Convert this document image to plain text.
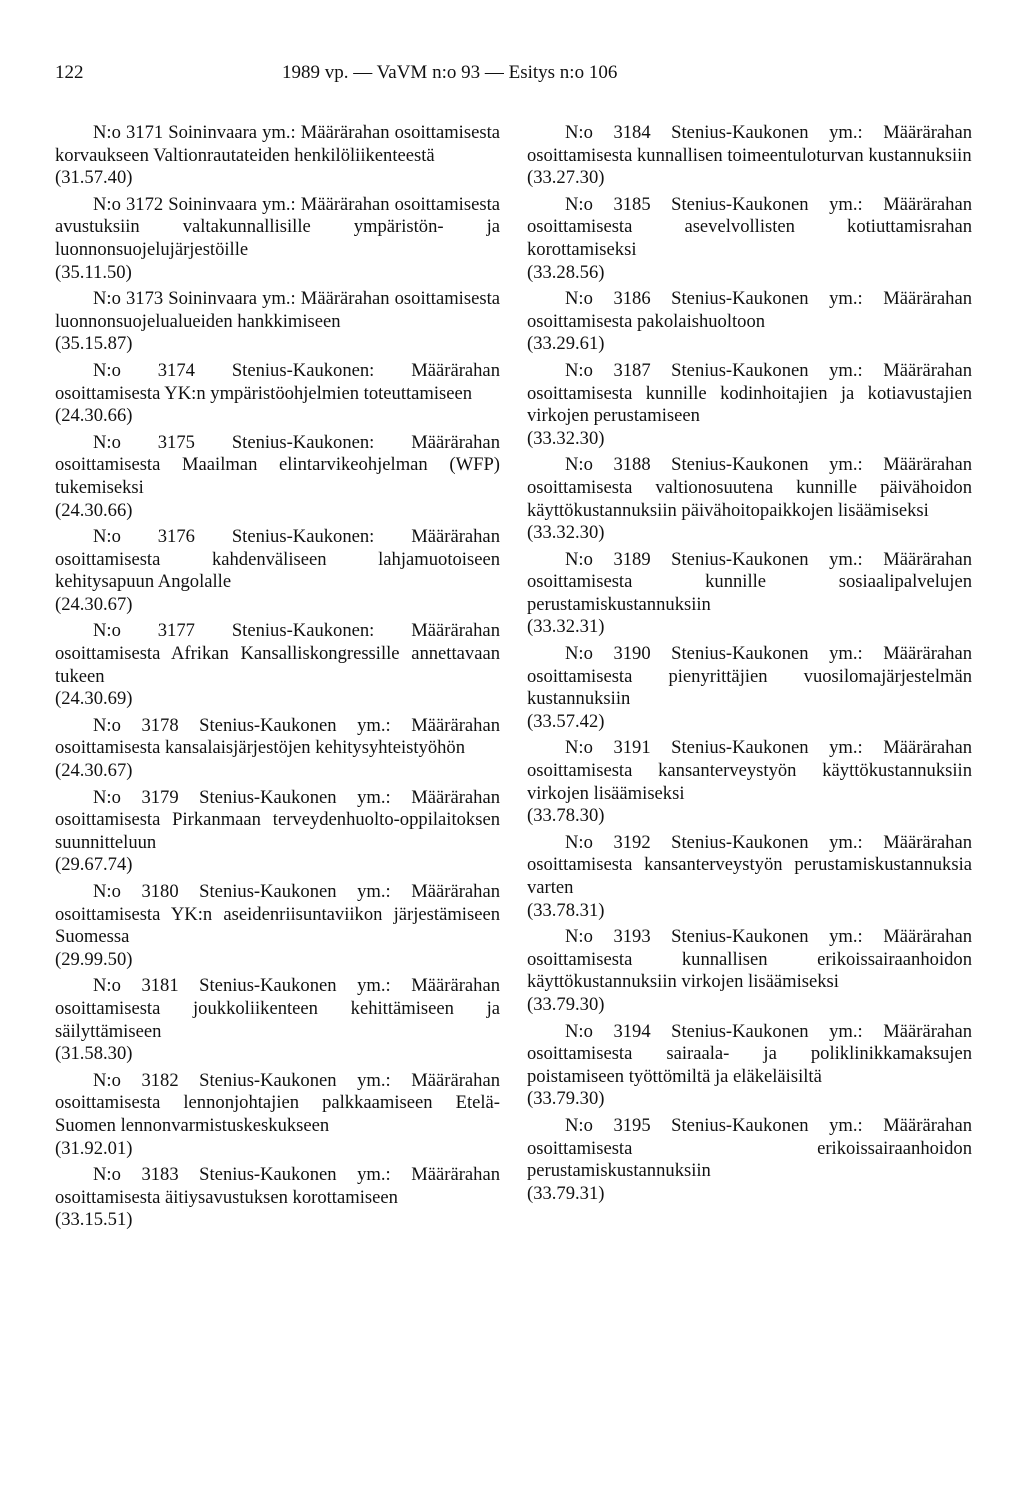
122	1989 vp. — VaVM n:o 93 — Esitys n:o 106

N:o 3171 Soininvaara ym.: Määrärahan osoittamisesta korvaukseen Valtionrautateiden henkilöliikenteestä

(31.57.40)

N:o 3172 Soininvaara ym.: Määrärahan osoittamisesta avustuksiin valtakunnallisille ympäristön- ja luonnonsuojelujärjestöille

(35.11.50)

N:o 3173 Soininvaara ym.: Määrärahan osoittamisesta luonnonsuojelualueiden hankkimiseen

(35.15.87)

N:o 3174 Stenius-Kaukonen: Määrärahan osoittamisesta YK:n ympäristöohjelmien toteuttamiseen

(24.30.66)

N:o 3175 Stenius-Kaukonen: Määrärahan osoittamisesta Maailman elintarvikeohjelman (WFP) tukemiseksi

(24.30.66)

N:o 3176 Stenius-Kaukonen: Määrärahan osoittamisesta kahdenväliseen lahjamuotoiseen kehitysapuun Angolalle

(24.30.67)

N:o 3177 Stenius-Kaukonen: Määrärahan osoittamisesta Afrikan Kansalliskongressille annettavaan tukeen

(24.30.69)

N:o 3178 Stenius-Kaukonen ym.: Määrärahan osoittamisesta kansalaisjärjestöjen kehitysyhteistyöhön

(24.30.67)

N:o 3179 Stenius-Kaukonen ym.: Määrärahan osoittamisesta Pirkanmaan terveydenhuolto-oppilaitoksen suunnitteluun

(29.67.74)

N:o 3180 Stenius-Kaukonen ym.: Määrärahan osoittamisesta YK:n aseidenriisuntaviikon järjestämiseen Suomessa

(29.99.50)

N:o 3181 Stenius-Kaukonen ym.: Määrärahan osoittamisesta joukkoliikenteen kehittämiseen ja säilyttämiseen

(31.58.30)

N:o 3182 Stenius-Kaukonen ym.: Määrärahan osoittamisesta lennonjohtajien palkkaamiseen Etelä-Suomen lennonvarmistuskeskukseen

(31.92.01)

N:o 3183 Stenius-Kaukonen ym.: Määrärahan osoittamisesta äitiysavustuksen korottamiseen

(33.15.51)

N:o 3184 Stenius-Kaukonen ym.: Määrärahan osoittamisesta kunnallisen toimeentuloturvan kustannuksiin

(33.27.30)

N:o 3185 Stenius-Kaukonen ym.: Määrärahan osoittamisesta asevelvollisten kotiuttamisrahan korottamiseksi

(33.28.56)

N:o 3186 Stenius-Kaukonen ym.: Määrärahan osoittamisesta pakolaishuoltoon

(33.29.61)

N:o 3187 Stenius-Kaukonen ym.: Määrärahan osoittamisesta kunnille kodinhoitajien ja kotiavustajien virkojen perustamiseen

(33.32.30)

N:o 3188 Stenius-Kaukonen ym.: Määrärahan osoittamisesta valtionosuutena kunnille päivähoidon käyttökustannuksiin päivähoitopaikkojen lisäämiseksi

(33.32.30)

N:o 3189 Stenius-Kaukonen ym.: Määrärahan osoittamisesta kunnille sosiaalipalvelujen perustamiskustannuksiin

(33.32.31)

N:o 3190 Stenius-Kaukonen ym.: Määrärahan osoittamisesta pienyrittäjien vuosilomajärjestelmän kustannuksiin

(33.57.42)

N:o 3191 Stenius-Kaukonen ym.: Määrärahan osoittamisesta kansanterveystyön käyttökustannuksiin virkojen lisäämiseksi

(33.78.30)

N:o 3192 Stenius-Kaukonen ym.: Määrärahan osoittamisesta kansanterveystyön perustamiskustannuksia varten

(33.78.31)

N:o 3193 Stenius-Kaukonen ym.: Määrärahan osoittamisesta kunnallisen erikoissairaanhoidon käyttökustannuksiin virkojen lisäämiseksi

(33.79.30)

N:o 3194 Stenius-Kaukonen ym.: Määrärahan osoittamisesta sairaala- ja poliklinikkamaksujen poistamiseen työttömiltä ja eläkeläisiltä

(33.79.30)

N:o 3195 Stenius-Kaukonen ym.: Määrärahan osoittamisesta erikoissairaanhoidon perustamiskustannuksiin

(33.79.31)
